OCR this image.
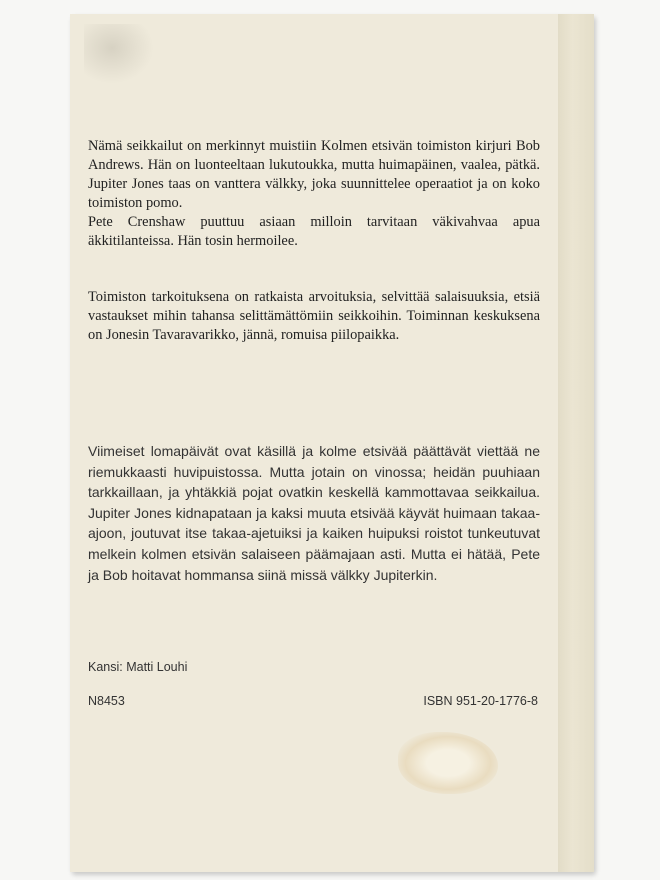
Nämä seikkailut on merkinnyt muistiin Kolmen etsivän toimiston kirjuri Bob Andrews. Hän on luonteeltaan lukutoukka, mutta huimapäinen, vaalea, pätkä. Jupiter Jones taas on vanttera välkky, joka suunnittelee operaatiot ja on koko toimiston pomo.

Pete Crenshaw puuttuu asiaan milloin tarvitaan väkivahvaa apua äkkitilanteissa. Hän tosin hermoilee.

Toimiston tarkoituksena on ratkaista arvoituksia, selvittää salaisuuksia, etsiä vastaukset mihin tahansa selittämättömiin seikkoihin. Toiminnan keskuksena on Jonesin Tavaravarikko, jännä, romuisa piilopaikka.

Viimeiset lomapäivät ovat käsillä ja kolme etsivää päättävät viettää ne riemukkaasti huvipuistossa. Mutta jotain on vinossa; heidän puuhiaan tarkkaillaan, ja yhtäkkiä pojat ovatkin keskellä kammottavaa seikkailua. Jupiter Jones kidnapataan ja kaksi muuta etsivää käyvät huimaan takaa-ajoon, joutuvat itse takaa-ajetuiksi ja kaiken huipuksi roistot tunkeutuvat melkein kolmen etsivän salaiseen päämajaan asti. Mutta ei hätää, Pete ja Bob hoitavat hommansa siinä missä välkky Jupiterkin.

Kansi: Matti Louhi
N8453	ISBN 951-20-1776-8
